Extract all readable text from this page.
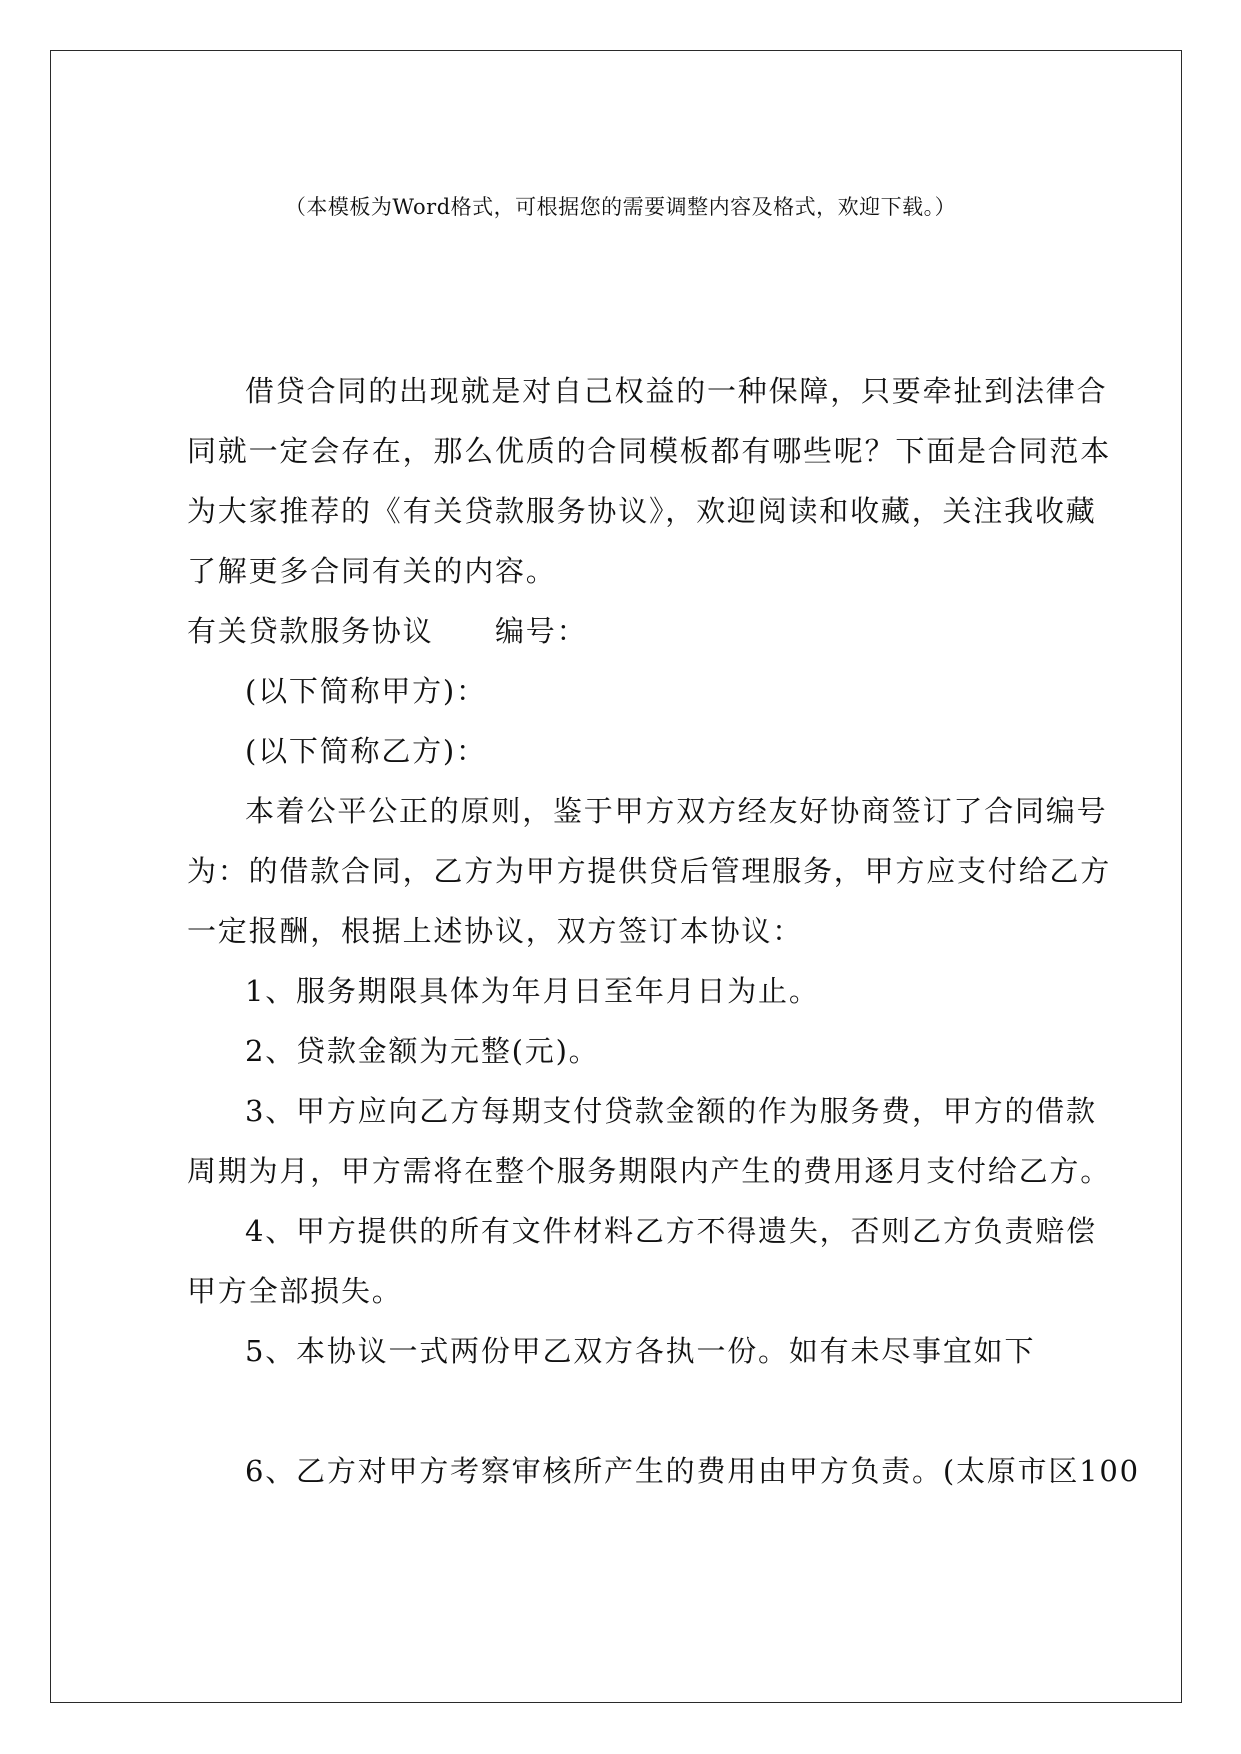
（本模板为Word格式，可根据您的需要调整内容及格式，欢迎下载。）
借贷合同的出现就是对自己权益的一种保障，只要牵扯到法律合
同就一定会存在，那么优质的合同模板都有哪些呢？下面是合同范本
为大家推荐的《有关贷款服务协议》，欢迎阅读和收藏，关注我收藏
了解更多合同有关的内容。
有关贷款服务协议　　编号：
(以下简称甲方)：
(以下简称乙方)：
本着公平公正的原则，鉴于甲方双方经友好协商签订了合同编号
为：的借款合同，乙方为甲方提供贷后管理服务，甲方应支付给乙方
一定报酬，根据上述协议，双方签订本协议：
1、服务期限具体为年月日至年月日为止。
2、贷款金额为元整(元)。
3、甲方应向乙方每期支付贷款金额的作为服务费，甲方的借款
周期为月，甲方需将在整个服务期限内产生的费用逐月支付给乙方。
4、甲方提供的所有文件材料乙方不得遗失，否则乙方负责赔偿
甲方全部损失。
5、本协议一式两份甲乙双方各执一份。如有未尽事宜如下
6、乙方对甲方考察审核所产生的费用由甲方负责。(太原市区100
